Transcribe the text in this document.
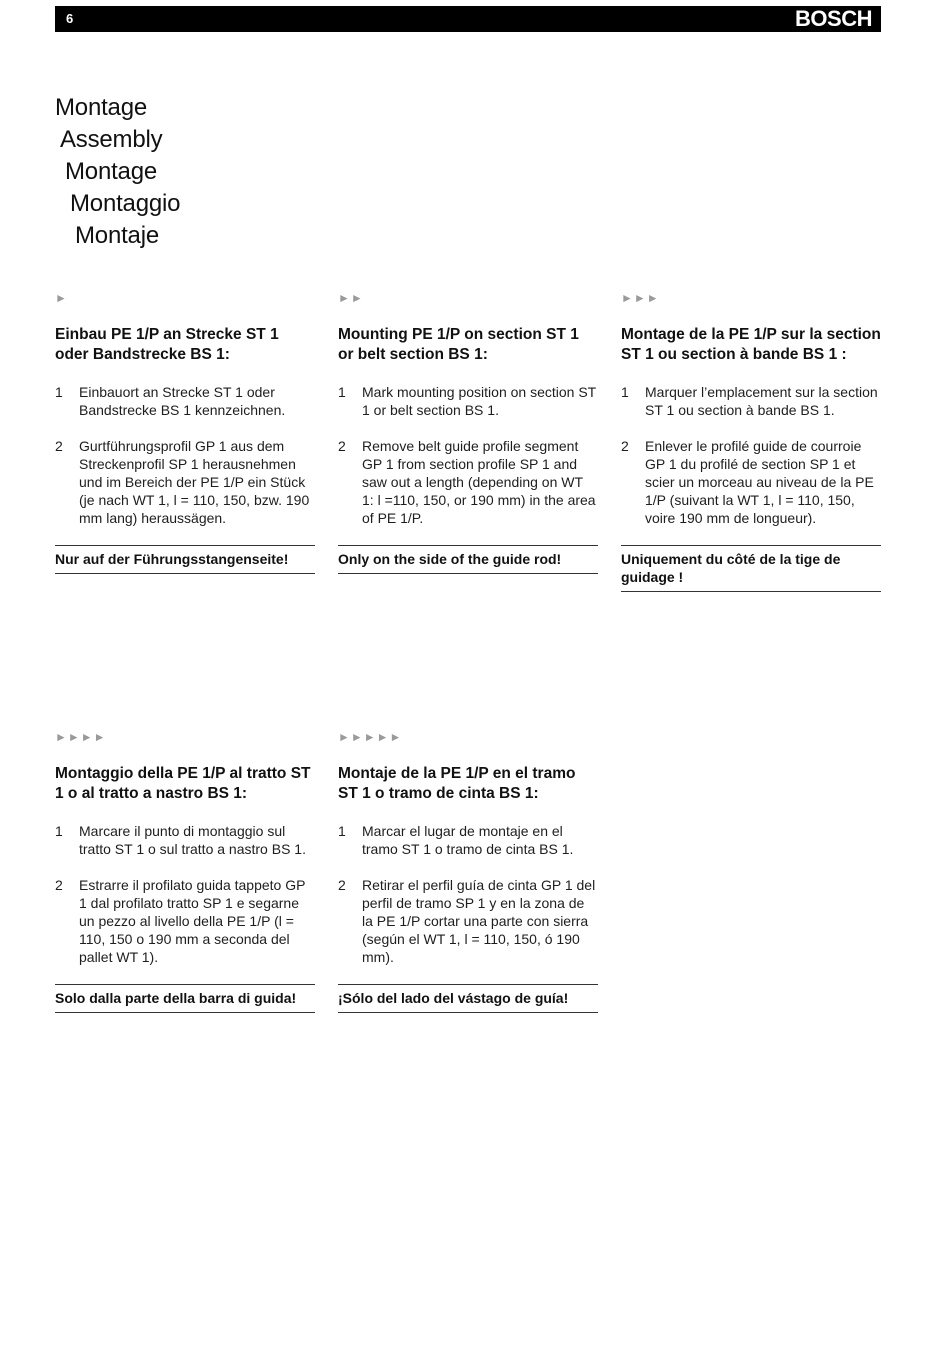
6	BOSCH
Montage
Assembly
Montage
Montaggio
Montaje
►
Einbau PE 1/P an Strecke ST 1 oder Bandstrecke BS 1:
1 Einbauort an Strecke ST 1 oder Bandstrecke BS 1 kennzeichnen.
2 Gurtführungsprofil GP 1 aus dem Streckenprofil SP 1 herausnehmen und im Bereich der PE 1/P ein Stück (je nach WT 1, l = 110, 150, bzw. 190 mm lang) heraussägen.
Nur auf der Führungsstangenseite!
►►
Mounting PE 1/P on section ST 1 or belt section BS 1:
1 Mark mounting position on section ST 1 or belt section BS 1.
2 Remove belt guide profile segment GP 1 from section profile SP 1 and saw out a length (depending on WT 1: l =110, 150, or 190 mm) in the area of PE 1/P.
Only on the side of the guide rod!
►►►
Montage de la PE 1/P sur la section ST 1 ou section à bande BS 1 :
1 Marquer l’emplacement sur la section ST 1 ou section à bande BS 1.
2 Enlever le profilé guide de courroie GP 1 du profilé de section SP 1 et scier un morceau au niveau de la PE 1/P (suivant la WT 1, l = 110, 150, voire 190 mm de longueur).
Uniquement du côté de la tige de guidage !
►►►►
Montaggio della PE 1/P al tratto ST 1 o al tratto a nastro BS 1:
1 Marcare il punto di montaggio sul tratto ST 1 o sul tratto a nastro BS 1.
2 Estrarre il profilato guida tappeto GP 1 dal profilato tratto SP 1 e segarne un pezzo al livello della PE 1/P (l = 110, 150 o 190 mm a seconda del pallet WT 1).
Solo dalla parte della barra di guida!
►►►►►
Montaje de la PE 1/P en el tramo ST 1 o tramo de cinta BS 1:
1 Marcar el lugar de montaje en el tramo ST 1 o tramo de cinta BS 1.
2 Retirar el perfil guía de cinta GP 1 del perfil de tramo SP 1 y en la zona de la PE 1/P cortar una parte con sierra (según el WT 1, l = 110, 150, ó 190 mm).
¡Sólo del lado del vástago de guía!
